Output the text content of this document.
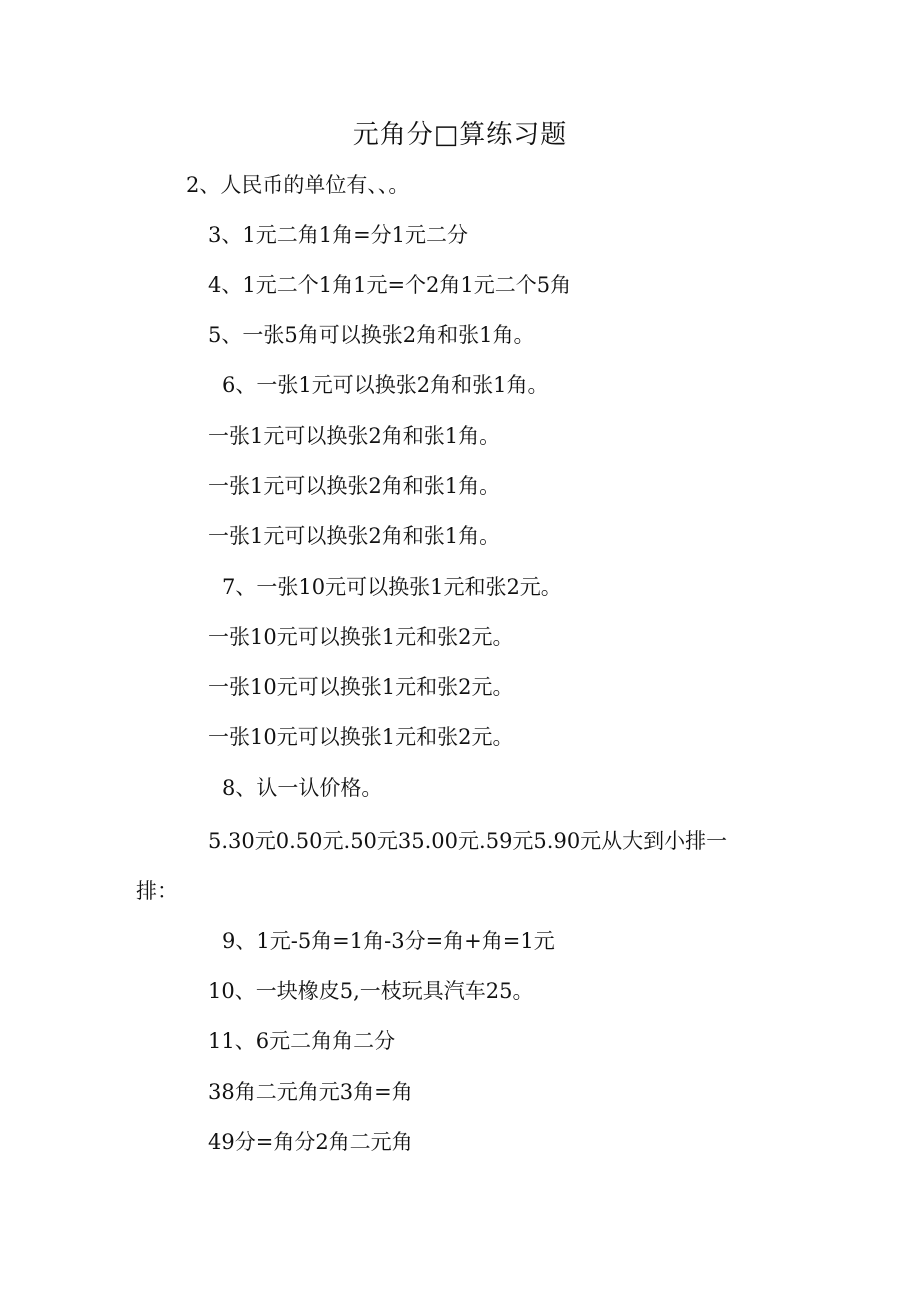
元角分□算练习题
2、人民币的单位有、、。
3、1元二角1角=分1元二分
4、1元二个1角1元=个2角1元二个5角
5、一张5角可以换张2角和张1角。
6、一张1元可以换张2角和张1角。
一张1元可以换张2角和张1角。
一张1元可以换张2角和张1角。
一张1元可以换张2角和张1角。
7、一张10元可以换张1元和张2元。
一张10元可以换张1元和张2元。
一张10元可以换张1元和张2元。
一张10元可以换张1元和张2元。
8、认一认价格。
5.30元0.50元.50元35.00元.59元5.90元从大到小排一
排：
9、1元-5角=1角-3分=角+角=1元
10、一块橡皮5,一枝玩具汽车25。
11、6元二角角二分
38角二元角元3角=角
49分=角分2角二元角
